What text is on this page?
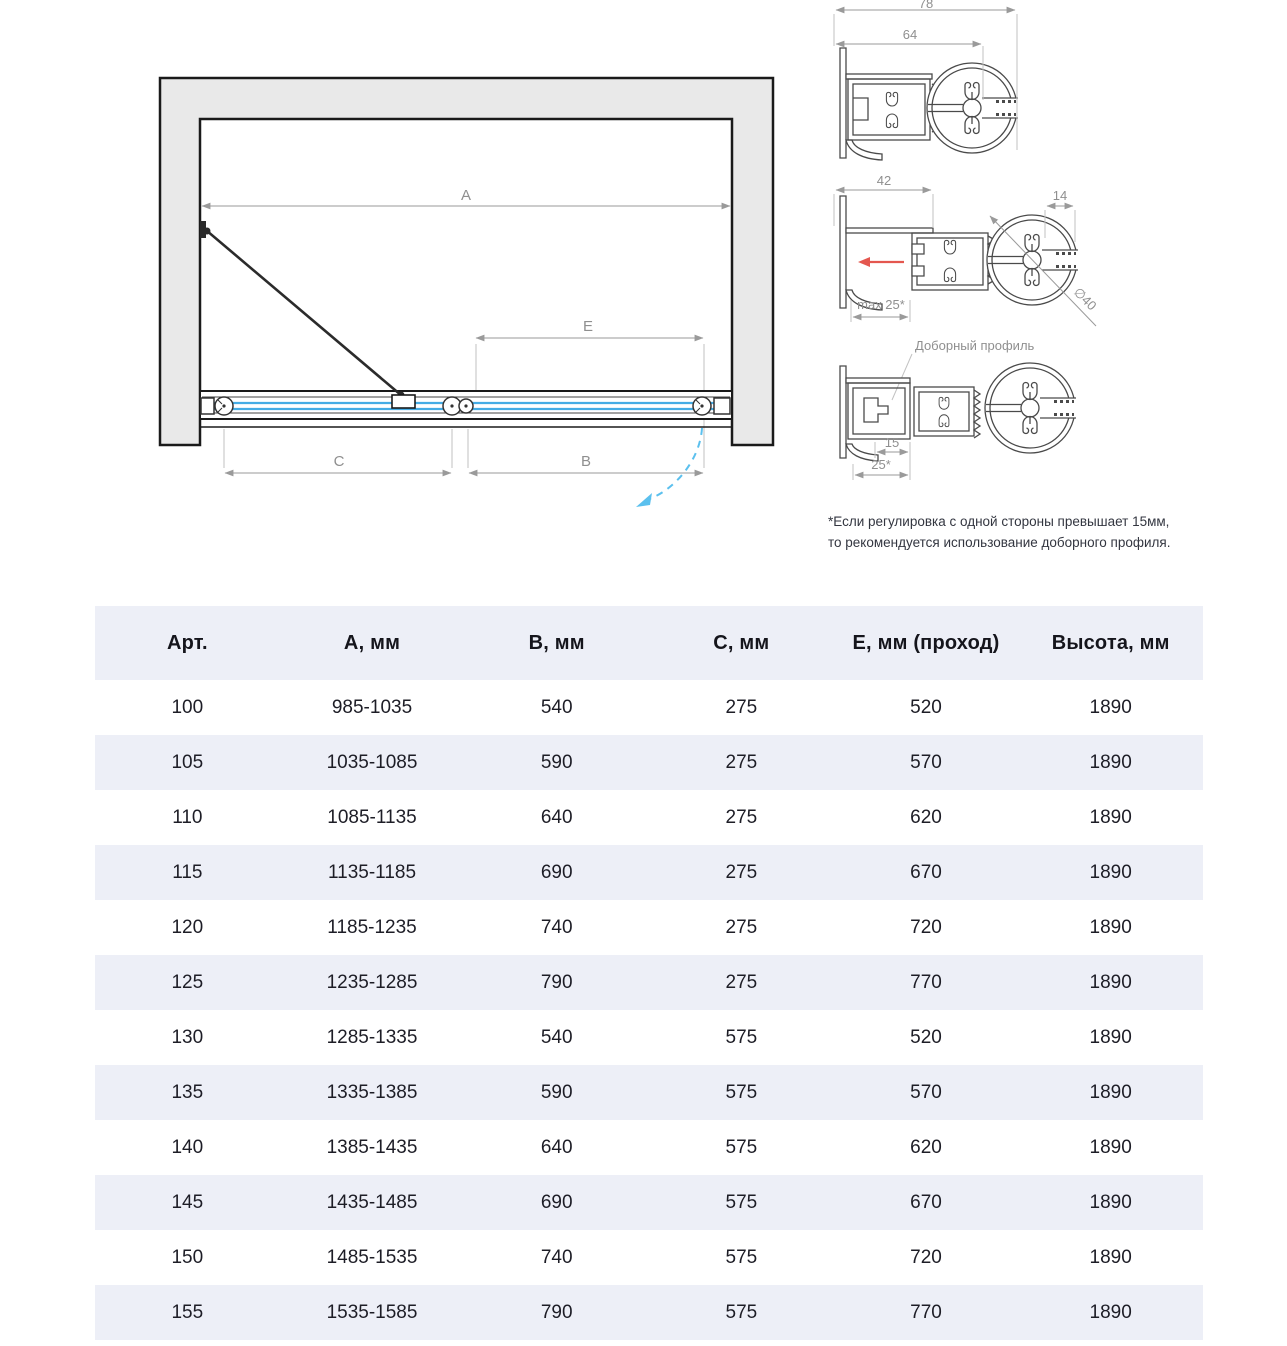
A
E
C	B
78
64
42
14
max 25*	∅40
Доборный профиль
15
25*
*Если регулировка с одной стороны превышает 15мм,
то рекомендуется использование доборного профиля.
Арт.	А, мм	В, мм	С, мм	Е, мм (проход)	Высота, мм
100	985-1035	540	275	520	1890
105	1035-1085	590	275	570	1890
110	1085-1135	640	275	620	1890
115	1135-1185	690	275	670	1890
120	1185-1235	740	275	720	1890
125	1235-1285	790	275	770	1890
130	1285-1335	540	575	520	1890
135	1335-1385	590	575	570	1890
140	1385-1435	640	575	620	1890
145	1435-1485	690	575	670	1890
150	1485-1535	740	575	720	1890
155	1535-1585	790	575	770	1890
